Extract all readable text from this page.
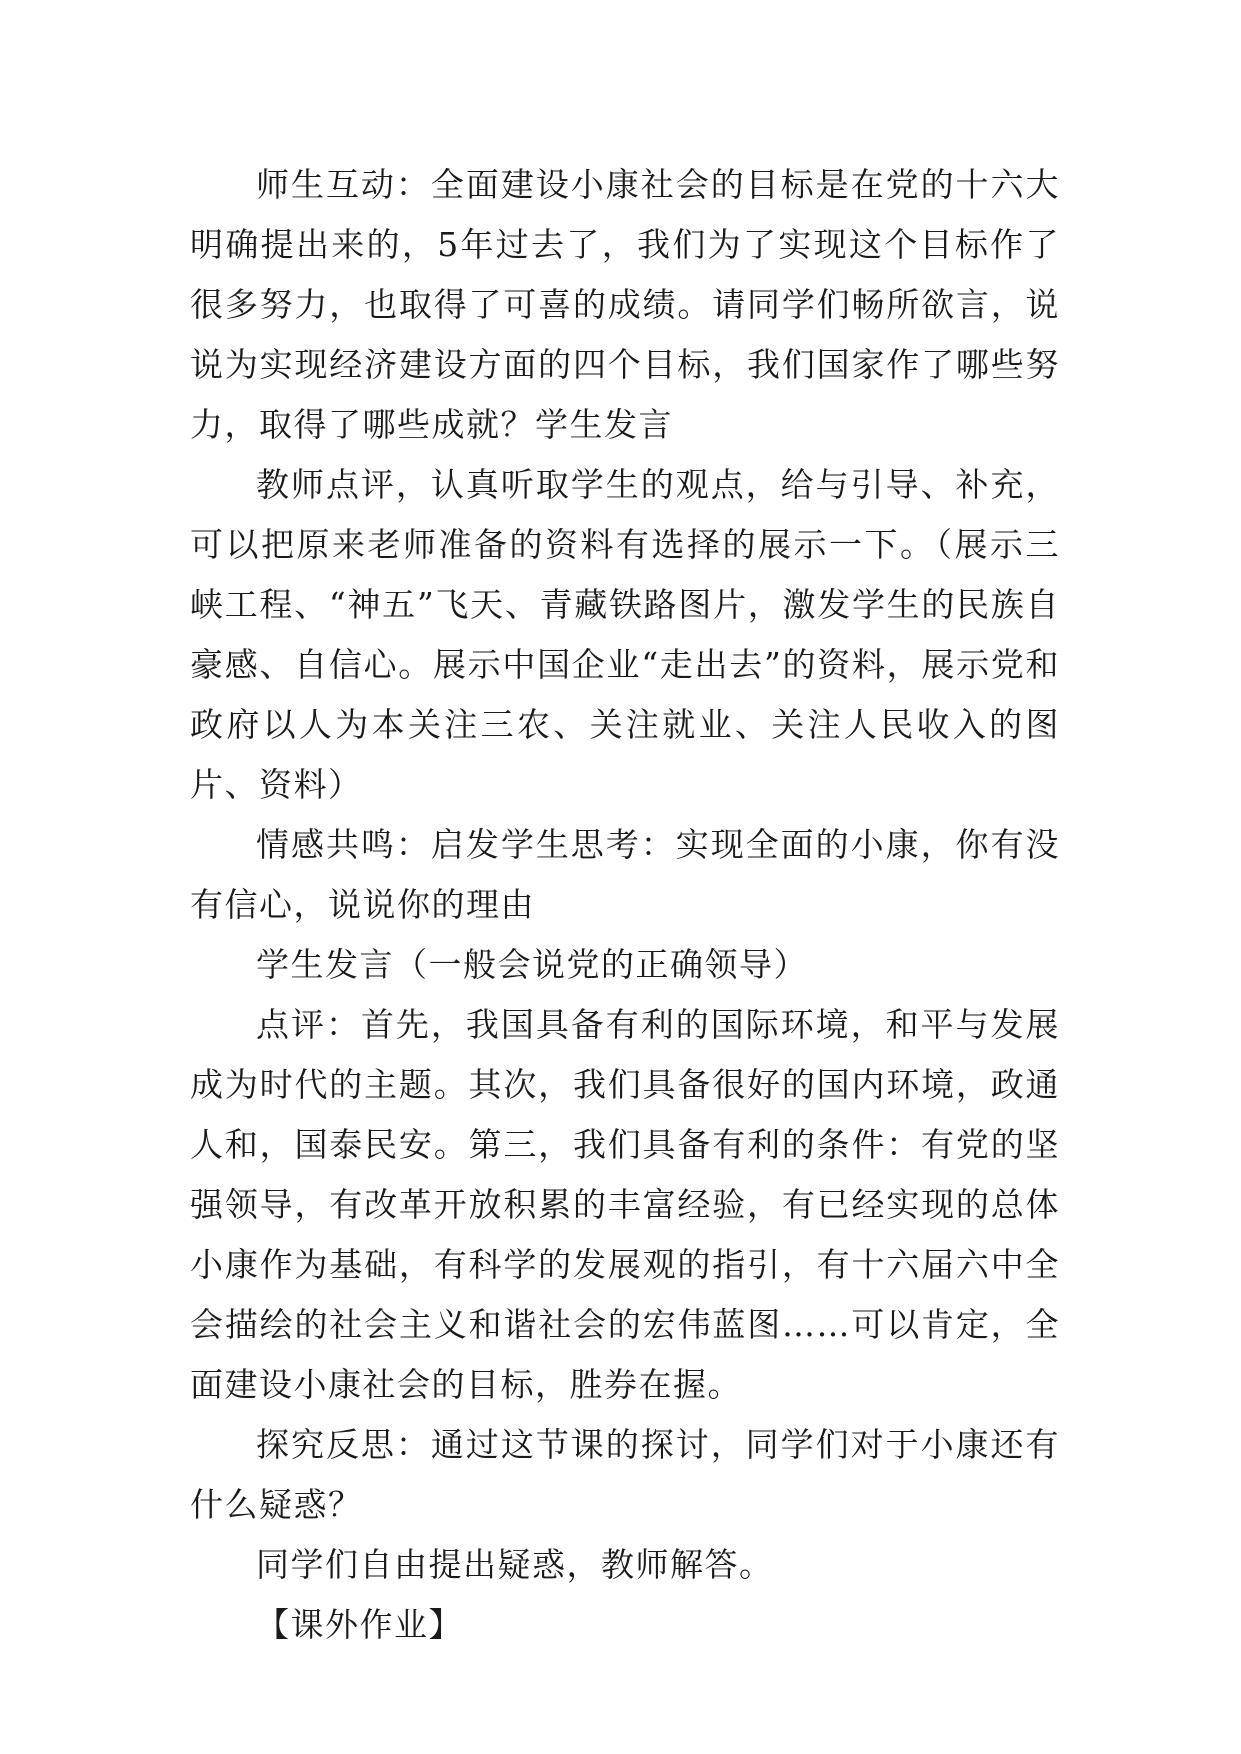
师生互动：全面建设小康社会的目标是在党的十六大明确提出来的，5年过去了，我们为了实现这个目标作了很多努力，也取得了可喜的成绩。请同学们畅所欲言，说说为实现经济建设方面的四个目标，我们国家作了哪些努力，取得了哪些成就？学生发言

教师点评，认真听取学生的观点，给与引导、补充，可以把原来老师准备的资料有选择的展示一下。（展示三峡工程、“神五”飞天、青藏铁路图片，激发学生的民族自豪感、自信心。展示中国企业“走出去”的资料，展示党和政府以人为本关注三农、关注就业、关注人民收入的图片、资料）

情感共鸣：启发学生思考：实现全面的小康，你有没有信心，说说你的理由

学生发言（一般会说党的正确领导）

点评：首先，我国具备有利的国际环境，和平与发展成为时代的主题。其次，我们具备很好的国内环境，政通人和，国泰民安。第三，我们具备有利的条件：有党的坚强领导，有改革开放积累的丰富经验，有已经实现的总体小康作为基础，有科学的发展观的指引，有十六届六中全会描绘的社会主义和谐社会的宏伟蓝图……可以肯定，全面建设小康社会的目标，胜券在握。

探究反思：通过这节课的探讨，同学们对于小康还有什么疑惑？

同学们自由提出疑惑，教师解答。

【课外作业】
